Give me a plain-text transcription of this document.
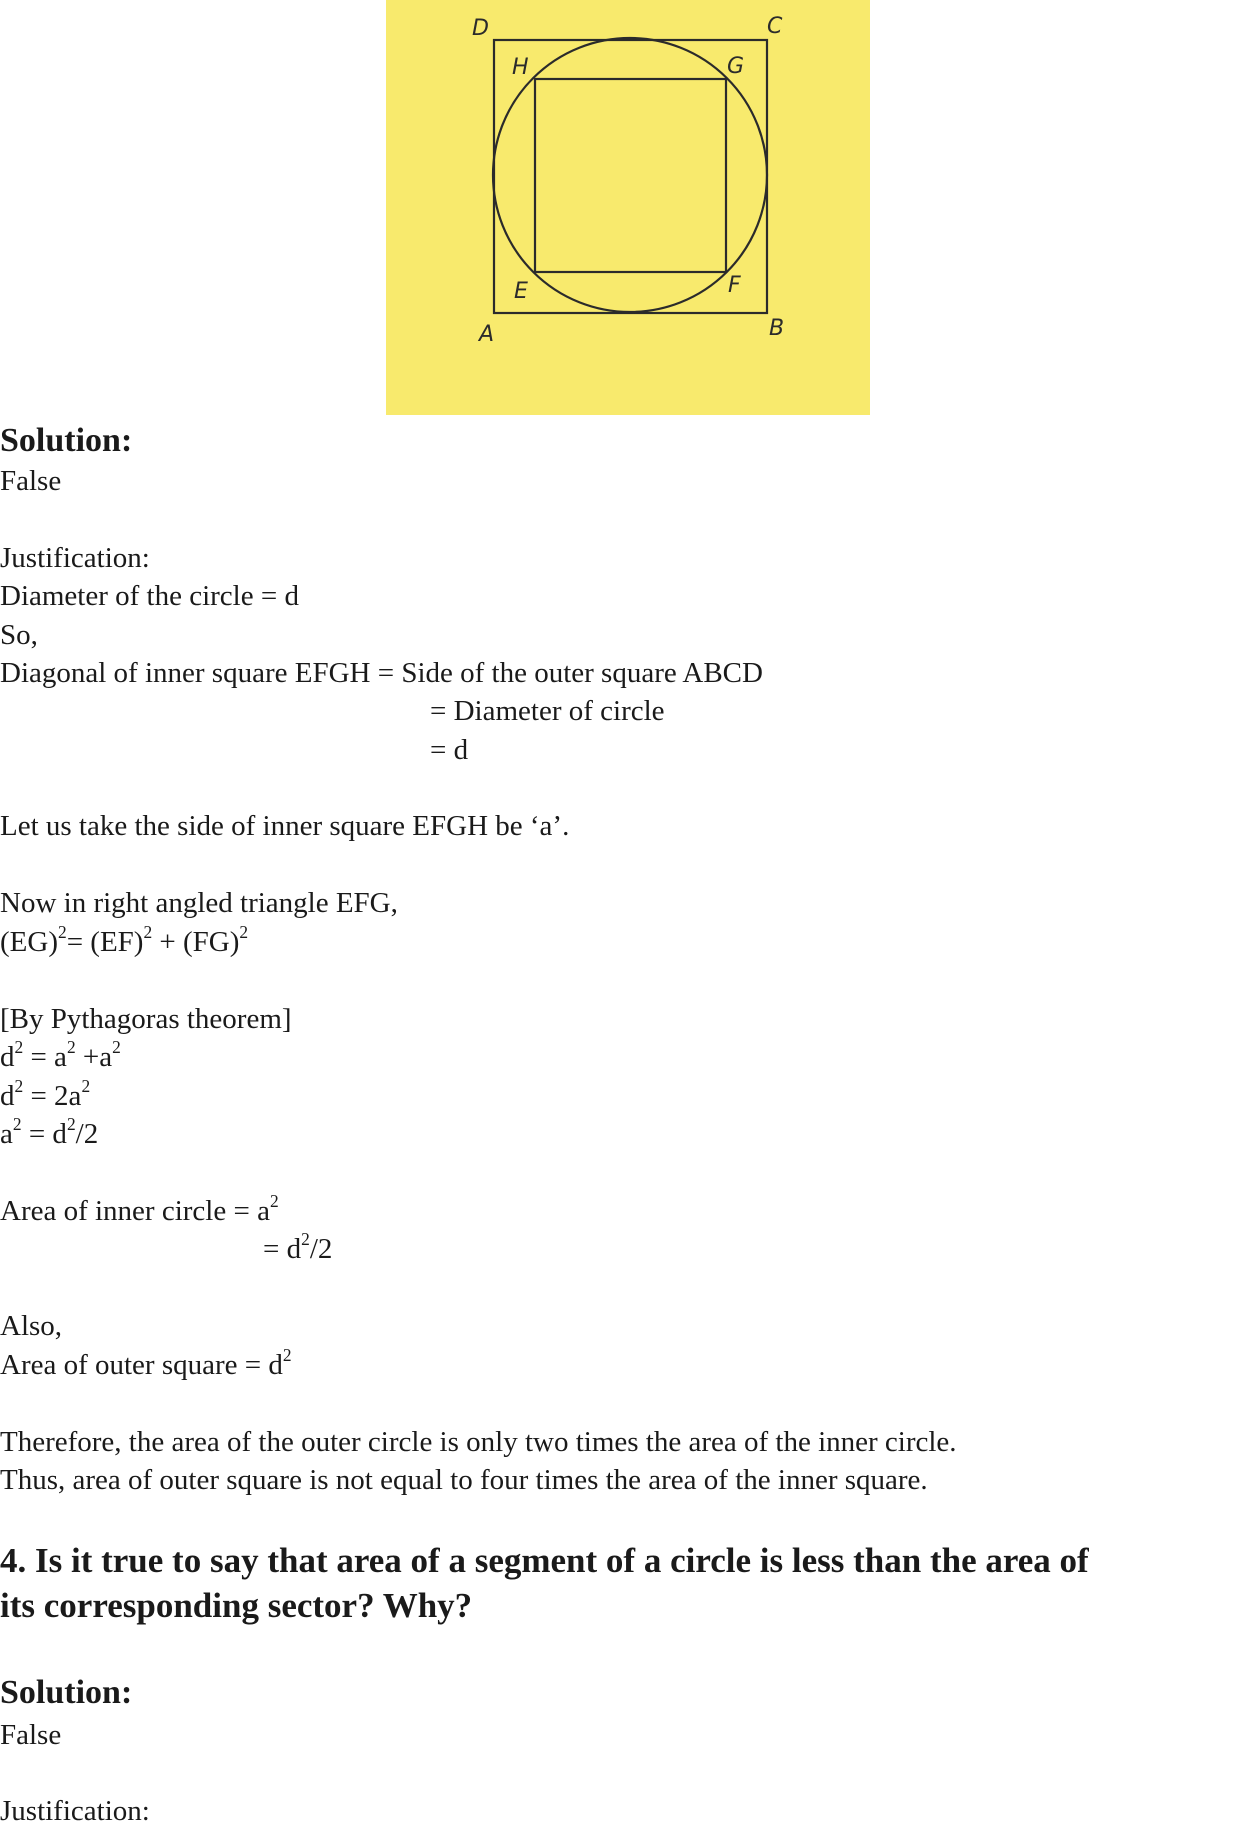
D	C
H	G
E	F
A	B
Solution:
False
Justification:
Diameter of the circle = d
So,
Diagonal of inner square EFGH = Side of the outer square ABCD
= Diameter of circle
= d
Let us take the side of inner square EFGH be ‘a’.
Now in right angled triangle EFG,
(EG)$^2$= (EF)$^2$ + (FG)$^2$
[By Pythagoras theorem]
$d^2 = a^2 +a^2$
$d^2 = 2a^2$
$a^2 = d^2/2$
Area of inner circle = $a^2$
= $d^2/2$
Also,
Area of outer square = $d^2$
Therefore, the area of the outer circle is only two times the area of the inner circle.
Thus, area of outer square is not equal to four times the area of the inner square.
4. Is it true to say that area of a segment of a circle is less than the area of
its corresponding sector? Why?
Solution:
False
Justification:
